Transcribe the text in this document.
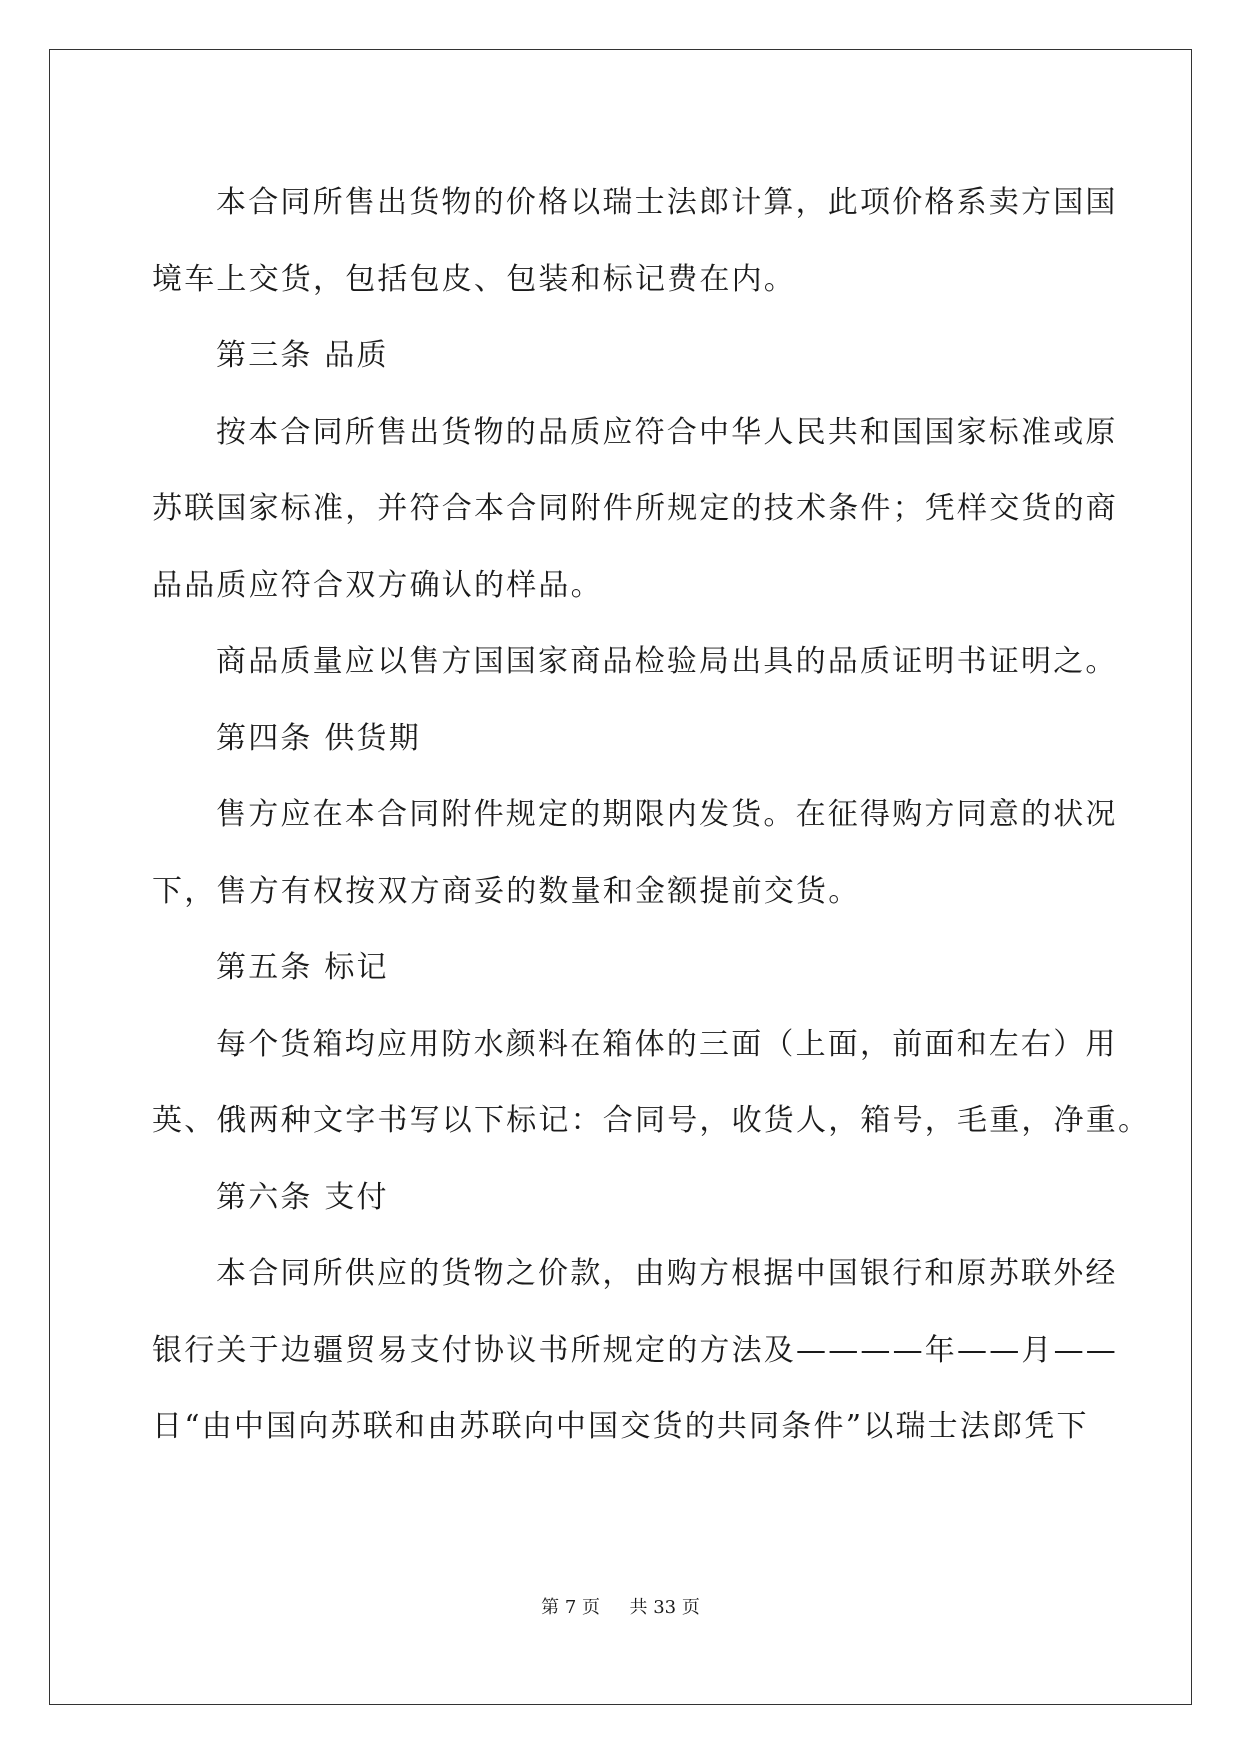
本合同所售出货物的价格以瑞士法郎计算，此项价格系卖方国国
境车上交货，包括包皮、包装和标记费在内。

第三条 品质

按本合同所售出货物的品质应符合中华人民共和国国家标准或原
苏联国家标准，并符合本合同附件所规定的技术条件；凭样交货的商
品品质应符合双方确认的样品。

商品质量应以售方国国家商品检验局出具的品质证明书证明之。

第四条 供货期

售方应在本合同附件规定的期限内发货。在征得购方同意的状况
下，售方有权按双方商妥的数量和金额提前交货。

第五条 标记

每个货箱均应用防水颜料在箱体的三面（上面，前面和左右）用
英、俄两种文字书写以下标记：合同号，收货人，箱号，毛重，净重。

第六条 支付

本合同所供应的货物之价款，由购方根据中国银行和原苏联外经
银行关于边疆贸易支付协议书所规定的方法及————年——月——
日“由中国向苏联和由苏联向中国交货的共同条件”以瑞士法郎凭下

第 7 页 共 33 页
